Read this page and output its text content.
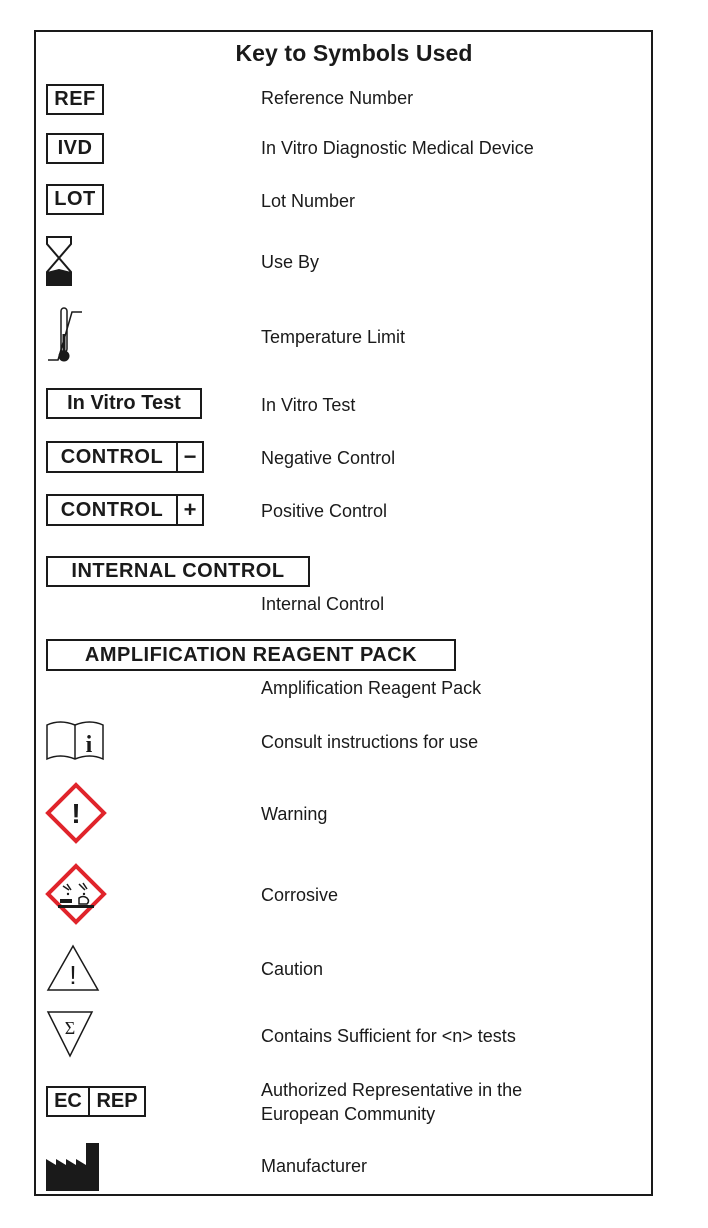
Key to Symbols Used
REF	Reference Number
IVD	In Vitro Diagnostic Medical Device
LOT	Lot Number
Use By
Temperature Limit
In Vitro Test	In Vitro Test
CONTROL −	Negative Control
CONTROL +	Positive Control
INTERNAL CONTROL
Internal Control
AMPLIFICATION REAGENT PACK
Amplification Reagent Pack
i	Consult instructions for use
!	Warning
Corrosive
!	Caution
Σ	Contains Sufficient for <n> tests
EC REP	Authorized Representative in the
European Community
Manufacturer
